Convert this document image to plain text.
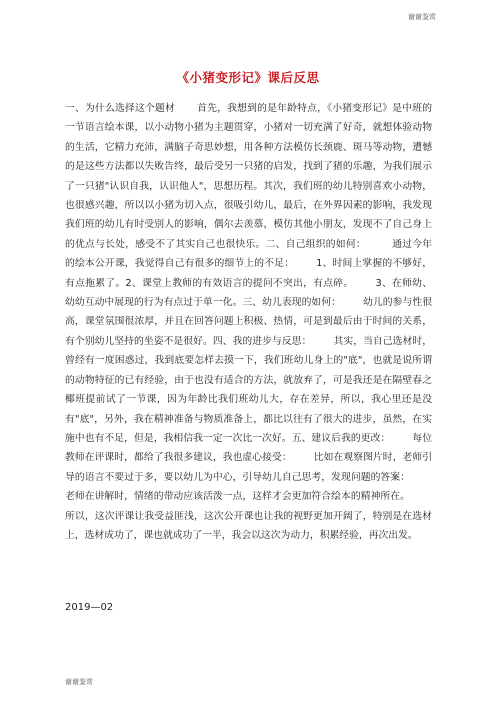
谢谢鉴赏
《小猪变形记》课后反思
一、为什么选择这个题材 首先，我想到的是年龄特点，《小猪变形记》是中班的一节语言绘本课，以小动物小猪为主题贯穿，小猪对一切充满了好奇，就想体验动物的生活，它精力充沛，满脑子奇思妙想，用各种方法模仿长颈鹿、斑马等动物，遭憾的是这些方法都以失败告终，最后受另一只猪的启发，找到了猪的乐趣，为我们展示了一只猪"认识自我，认识他人"，思想历程。其次，我们班的幼儿特别喜欢小动物，也很感兴趣，所以以小猪为切入点，很吸引幼儿，最后，在外界因素的影响，我发现我们班的幼儿有时受别人的影响，偶尔去羡慕，模仿其他小朋友，发现不了自己身上的优点与长处，感受不了其实自己也很快乐。二、自己组织的如何：	通过今年的绘本公开课，我觉得自己有很多的细节上的不足： 1、时间上掌握的不够好，有点拖累了。2、课堂上教师的有效语言的提问不突出，有点碎。 3、在师幼、幼幼互动中展现的行为有点过于单一化。三、幼儿表现的如何： 幼儿的参与性很高，课堂氛围很浓厚，并且在回答问题上积极、热情，可是到最后由于时间的关系，有个别幼儿坚持的坐姿不是很好。四、我的进步与反思： 其实，当自己选材时，曾经有一度困惑过，我到底要怎样去摸一下，我们班幼儿身上的"底"，也就是说所谓的动物特征的已有经验，由于也没有适合的方法，就放弃了，可是我还是在隔壁春之椰班提前试了一节课，因为年龄比我们班幼儿大，存在差异，所以，我心里还是没有"底"，另外，我在精神准备与物质准备上，都比以往有了很大的进步，虽然，在实施中也有不足，但是，我相信我一定一次比一次好。五、建议后我的更改： 每位教师在评课时，都给了我很多建议，我也虚心接受： 比如在观察图片时，老师引导的语言不要过于多，要以幼儿为中心，引导幼儿自己思考，发现问题的答案：老师在讲解时，情绪的带动应该活泼一点，这样才会更加符合绘本的精神所在。所以，这次评课让我受益匪浅，这次公开课也让我的视野更加开阔了，特别是在选材上，选材成功了，课也就成功了一半，我会以这次为动力，积累经验，再次出发。
2019—02
谢谢鉴赏
